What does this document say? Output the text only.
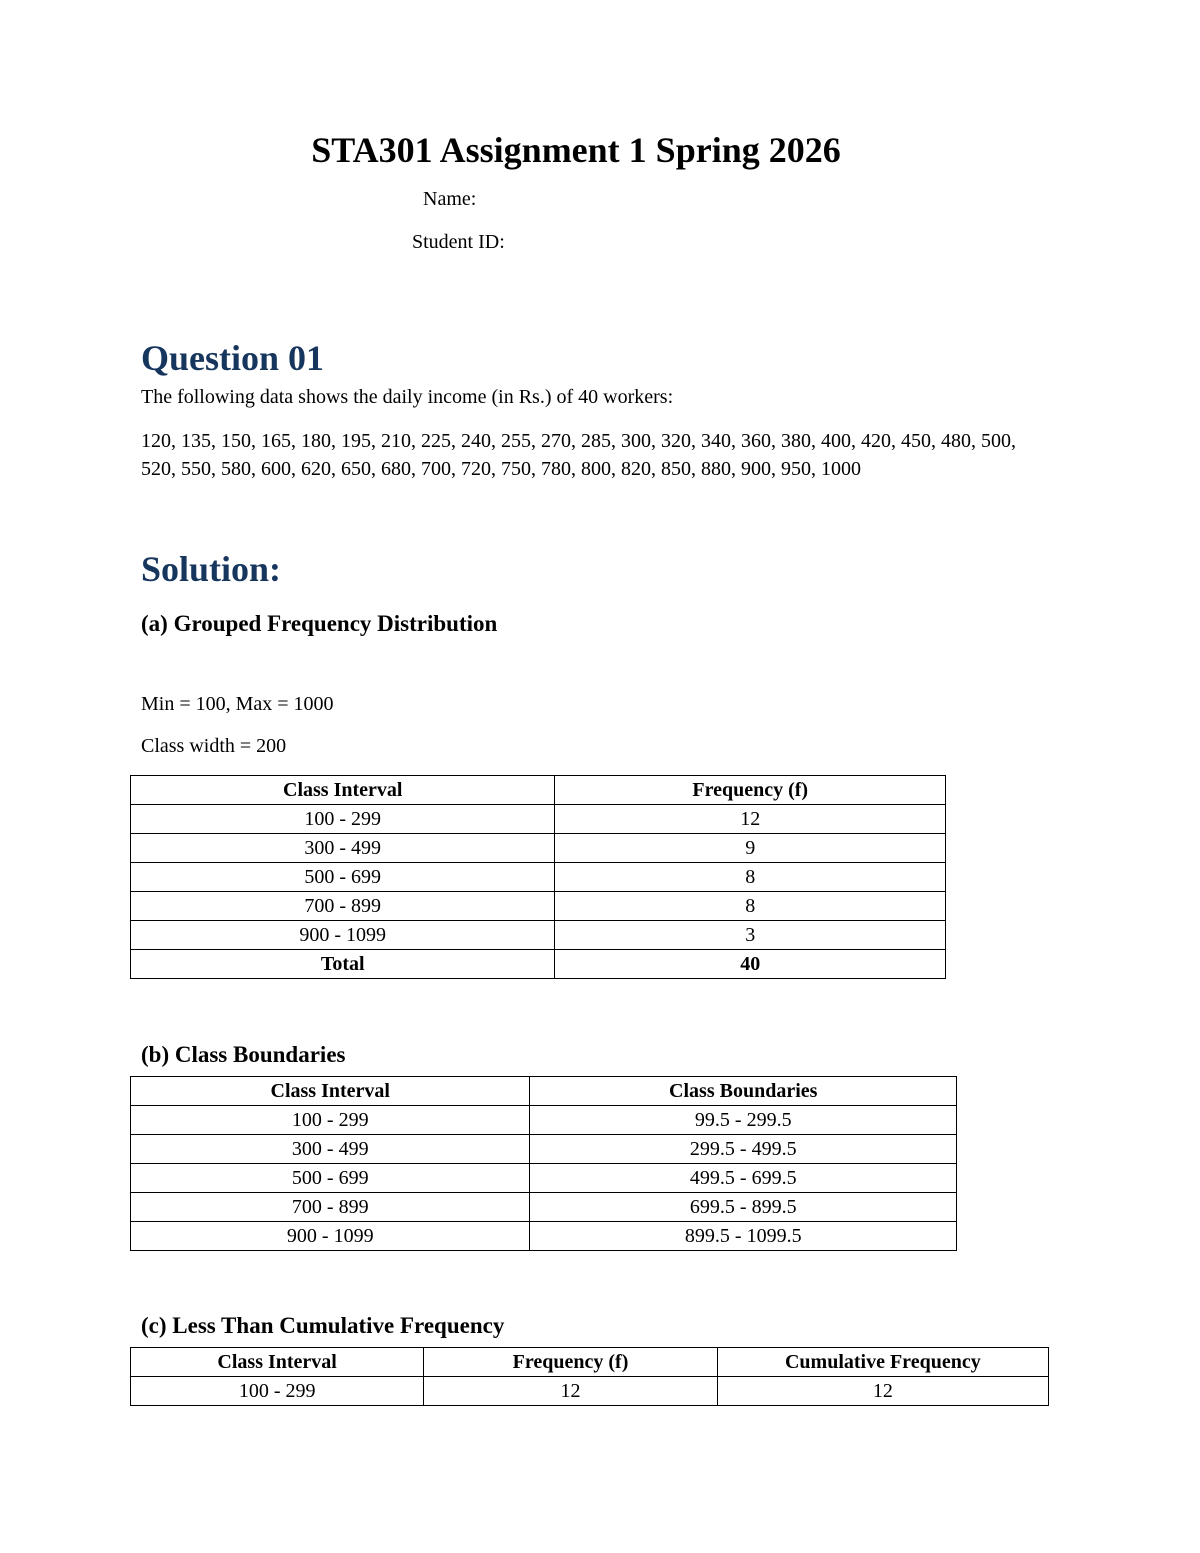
STA301 Assignment 1 Spring 2026

Name:

Student ID:

Question 01

The following data shows the daily income (in Rs.) of 40 workers:

120, 135, 150, 165, 180, 195, 210, 225, 240, 255, 270, 285, 300, 320, 340, 360, 380, 400, 420, 450, 480, 500, 520, 550, 580, 600, 620, 650, 680, 700, 720, 750, 780, 800, 820, 850, 880, 900, 950, 1000

Solution:
(a) Grouped Frequency Distribution

Min = 100, Max = 1000

Class width = 200

Class Interval	Frequency (f)
100 - 299	12
300 - 499	9
500 - 699	8
700 - 899	8
900 - 1099	3
Total	40
(b) Class Boundaries
Class Interval	Class Boundaries
100 - 299	99.5 - 299.5
300 - 499	299.5 - 499.5
500 - 699	499.5 - 699.5
700 - 899	699.5 - 899.5
900 - 1099	899.5 - 1099.5
(c) Less Than Cumulative Frequency
Class Interval	Frequency (f)	Cumulative Frequency
100 - 299	12	12
